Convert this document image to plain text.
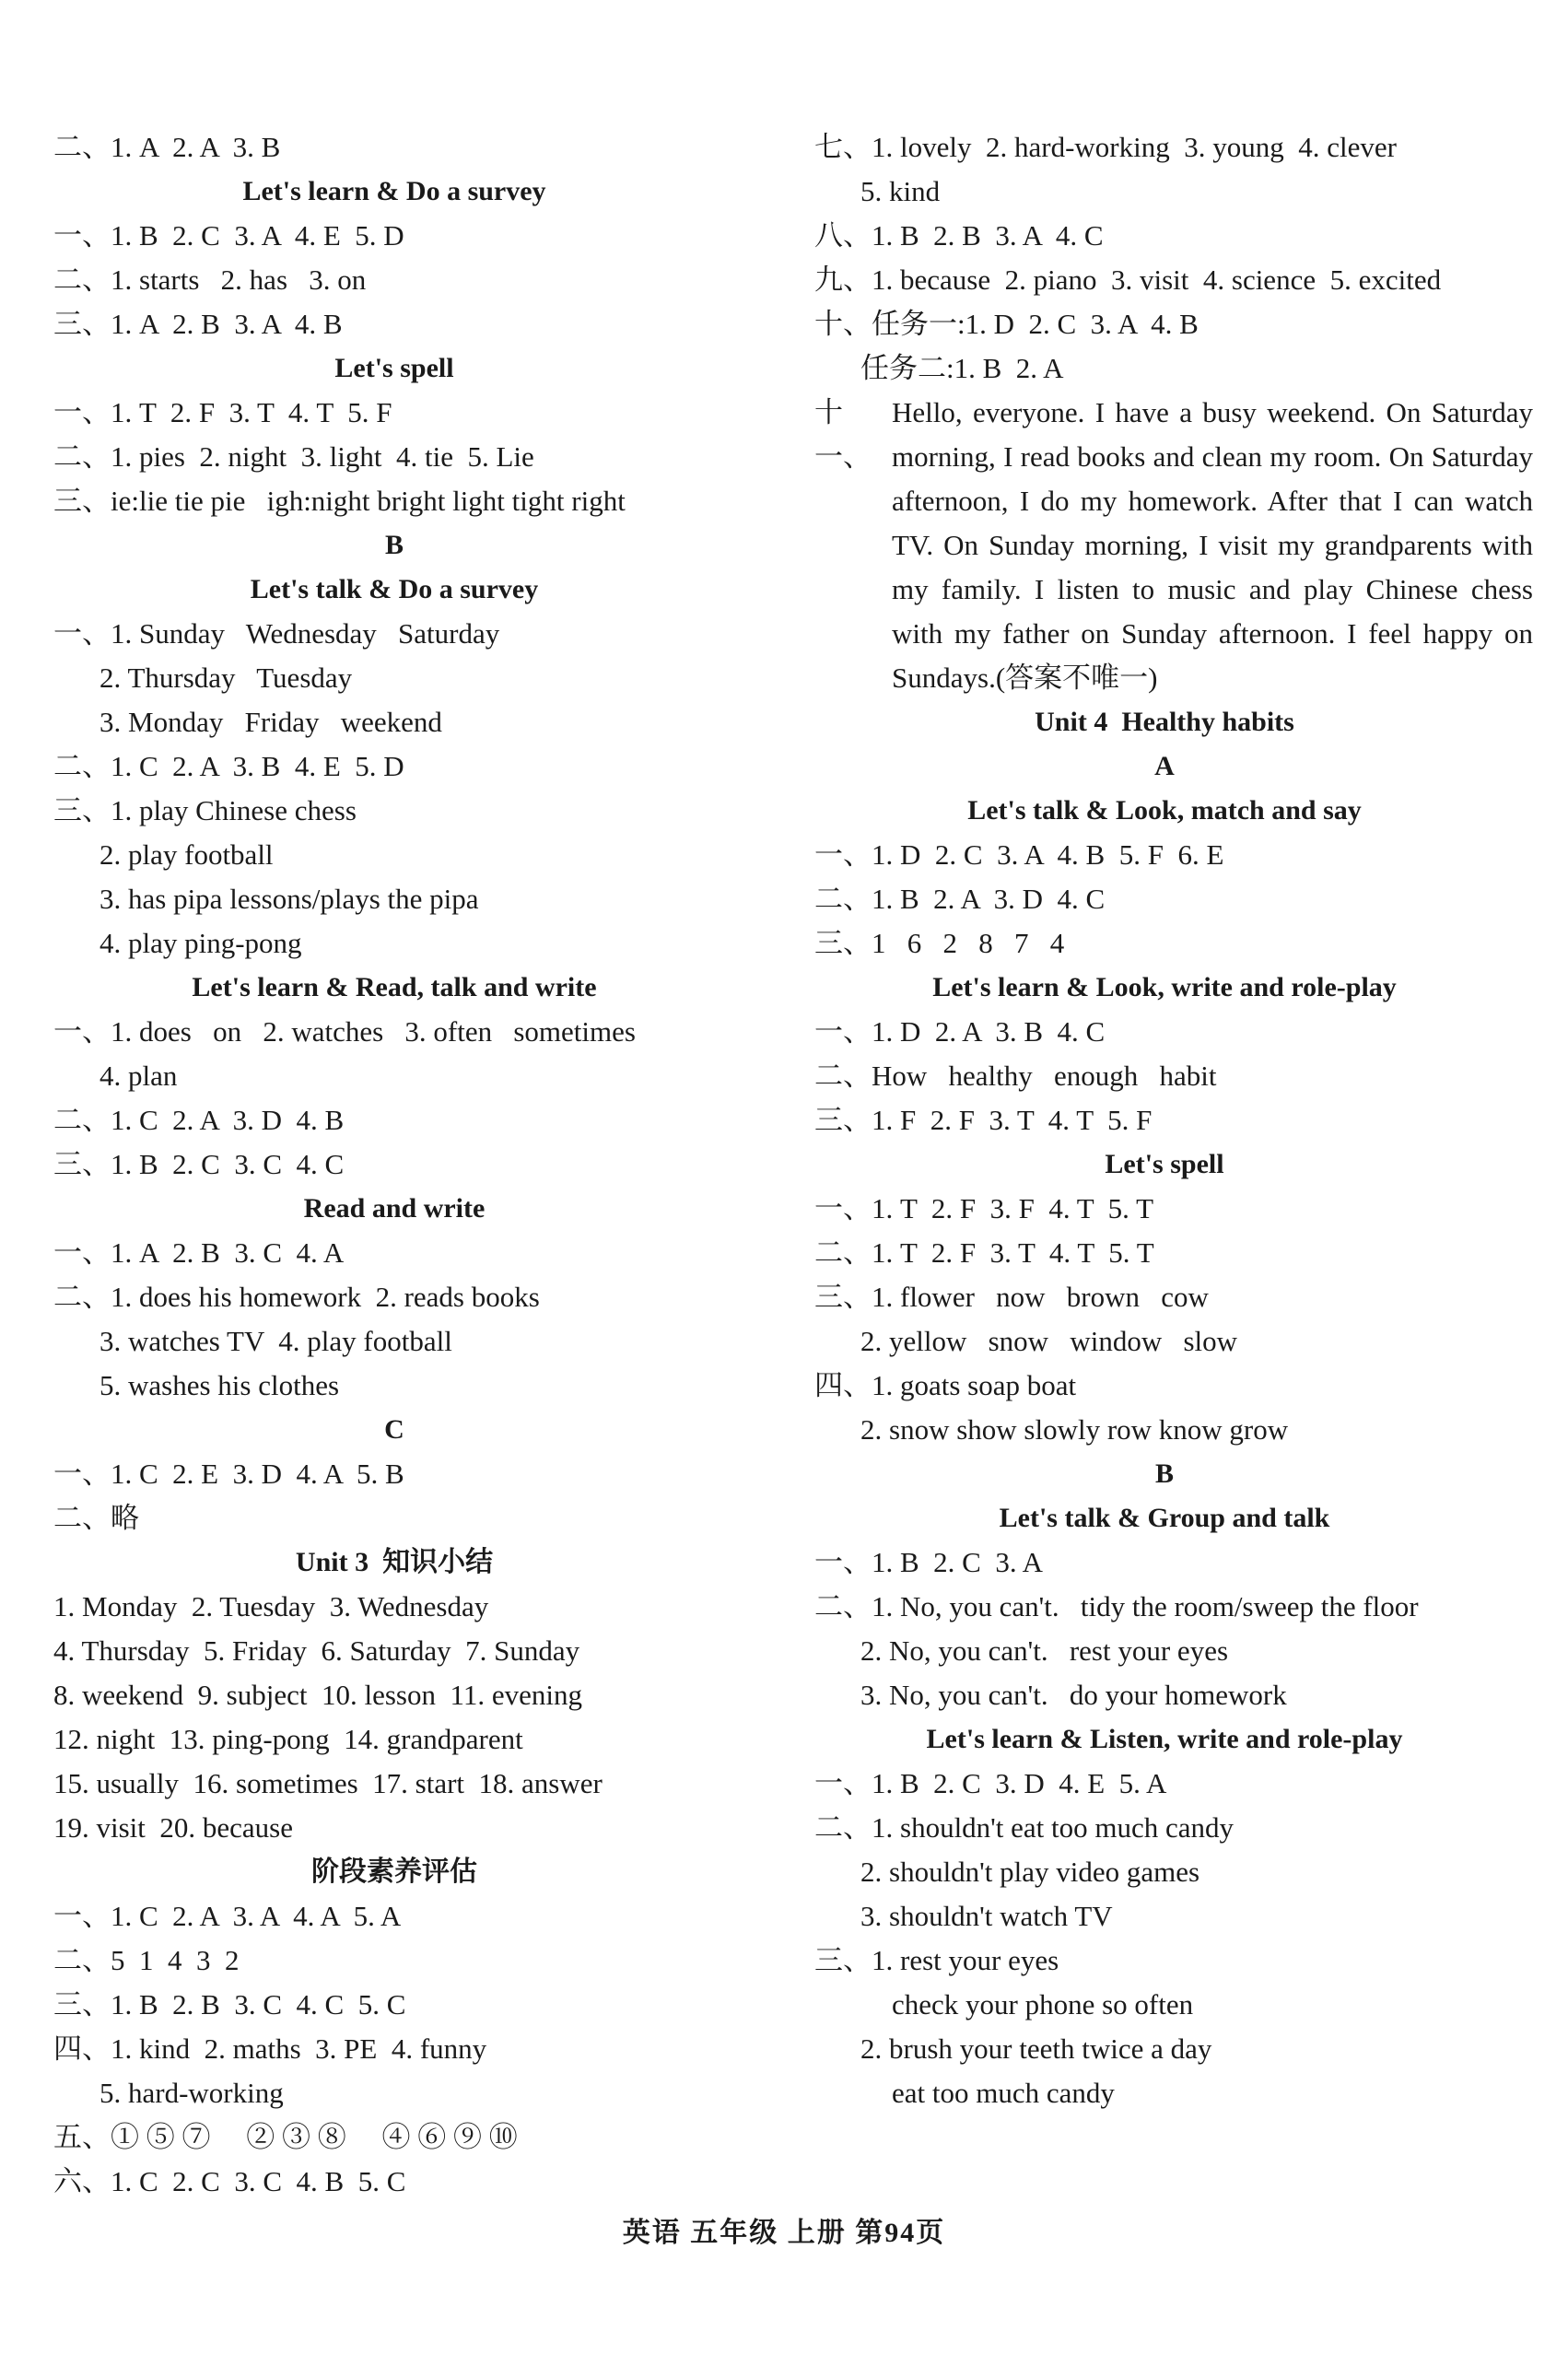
二、1. A  2. A  3. B
Let's learn & Do a survey
一、1. B  2. C  3. A  4. E  5. D
二、1. starts   2. has   3. on
三、1. A  2. B  3. A  4. B
Let's spell
一、1. T  2. F  3. T  4. T  5. F
二、1. pies  2. night  3. light  4. tie  5. Lie
三、ie:lie tie pie   igh:night bright light tight right
B
Let's talk & Do a survey
一、1. Sunday   Wednesday   Saturday
2. Thursday   Tuesday
3. Monday   Friday   weekend
二、1. C  2. A  3. B  4. E  5. D
三、1. play Chinese chess
2. play football
3. has pipa lessons/plays the pipa
4. play ping-pong
Let's learn & Read, talk and write
一、1. does   on   2. watches   3. often   sometimes
4. plan
二、1. C  2. A  3. D  4. B
三、1. B  2. C  3. C  4. C
Read and write
一、1. A  2. B  3. C  4. A
二、1. does his homework  2. reads books
3. watches TV  4. play football
5. washes his clothes
C
一、1. C  2. E  3. D  4. A  5. B
二、略
Unit 3  知识小结
1. Monday  2. Tuesday  3. Wednesday
4. Thursday  5. Friday  6. Saturday  7. Sunday
8. weekend  9. subject  10. lesson  11. evening
12. night  13. ping-pong  14. grandparent
15. usually  16. sometimes  17. start  18. answer
19. visit  20. because
阶段素养评估
一、1. C  2. A  3. A  4. A  5. A
二、5  1  4  3  2
三、1. B  2. B  3. C  4. C  5. C
四、1. kind  2. maths  3. PE  4. funny
5. hard-working
五、① ⑤ ⑦     ② ③ ⑧     ④ ⑥ ⑨ ⑩
六、1. C  2. C  3. C  4. B  5. C
七、1. lovely  2. hard-working  3. young  4. clever
5. kind
八、1. B  2. B  3. A  4. C
九、1. because  2. piano  3. visit  4. science  5. excited
十、任务一:1. D  2. C  3. A  4. B
任务二:1. B  2. A
十一、
Hello, everyone. I have a busy weekend. On Saturday morning, I read books and clean my room. On Saturday afternoon, I do my homework. After that I can watch TV. On Sunday morning, I visit my grandparents with my family. I listen to music and play Chinese chess with my father on Sunday afternoon. I feel happy on Sundays.(答案不唯一)
Unit 4  Healthy habits
A
Let's talk & Look, match and say
一、1. D  2. C  3. A  4. B  5. F  6. E
二、1. B  2. A  3. D  4. C
三、1   6   2   8   7   4
Let's learn & Look, write and role-play
一、1. D  2. A  3. B  4. C
二、How   healthy   enough   habit
三、1. F  2. F  3. T  4. T  5. F
Let's spell
一、1. T  2. F  3. F  4. T  5. T
二、1. T  2. F  3. T  4. T  5. T
三、1. flower   now   brown   cow
2. yellow   snow   window   slow
四、1. goats soap boat
2. snow show slowly row know grow
B
Let's talk & Group and talk
一、1. B  2. C  3. A
二、1. No, you can't.   tidy the room/sweep the floor
2. No, you can't.   rest your eyes
3. No, you can't.   do your homework
Let's learn & Listen, write and role-play
一、1. B  2. C  3. D  4. E  5. A
二、1. shouldn't eat too much candy
2. shouldn't play video games
3. shouldn't watch TV
三、1. rest your eyes
check your phone so often
2. brush your teeth twice a day
eat too much candy
英语 五年级 上册 第94页
